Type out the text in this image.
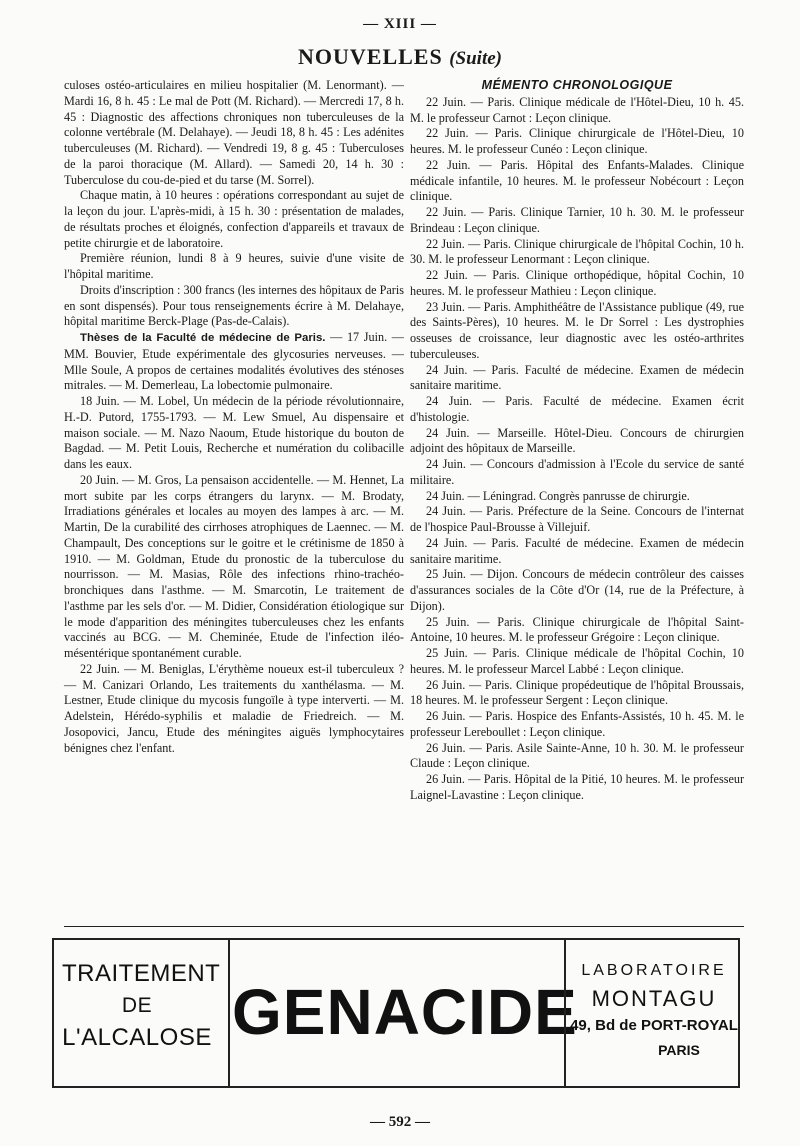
— XIII —
NOUVELLES (Suite)

culoses ostéo-articulaires en milieu hospitalier (M. Lenormant). — Mardi 16, 8 h. 45 : Le mal de Pott (M. Richard). — Mercredi 17, 8 h. 45 : Diagnostic des affections chroniques non tuberculeuses de la colonne vertébrale (M. Delahaye). — Jeudi 18, 8 h. 45 : Les adénites tuberculeuses (M. Richard). — Vendredi 19, 8 g. 45 : Tuberculoses de la paroi thoracique (M. Allard). — Samedi 20, 14 h. 30 : Tuberculose du cou-de-pied et du tarse (M. Sorrel).

Chaque matin, à 10 heures : opérations correspondant au sujet de la leçon du jour. L'après-midi, à 15 h. 30 : présentation de malades, de résultats proches et éloignés, confection d'appareils et travaux de petite chirurgie et de laboratoire.

Première réunion, lundi 8 à 9 heures, suivie d'une visite de l'hôpital maritime.

Droits d'inscription : 300 francs (les internes des hôpitaux de Paris en sont dispensés). Pour tous renseignements écrire à M. Delahaye, hôpital maritime Berck-Plage (Pas-de-Calais).

Thèses de la Faculté de médecine de Paris. — 17 Juin. — MM. Bouvier, Etude expérimentale des glycosuries nerveuses. — Mlle Soule, A propos de certaines modalités évolutives des sténoses mitrales. — M. Demerleau, La lobectomie pulmonaire.

18 Juin. — M. Lobel, Un médecin de la période révolutionnaire, H.-D. Putord, 1755-1793. — M. Lew Smuel, Au dispensaire et maison sociale. — M. Nazo Naoum, Etude historique du bouton de Bagdad. — M. Petit Louis, Recherche et numération du colibacille dans les eaux.

20 Juin. — M. Gros, La pensaison accidentelle. — M. Hennet, La mort subite par les corps étrangers du larynx. — M. Brodaty, Irradiations générales et locales au moyen des lampes à arc. — M. Martin, De la curabilité des cirrhoses atrophiques de Laennec. — M. Champault, Des conceptions sur le goitre et le crétinisme de 1850 à 1910. — M. Goldman, Etude du pronostic de la tuberculose du nourrisson. — M. Masias, Rôle des infections rhino-trachéo-bronchiques dans l'asthme. — M. Smarcotin, Le traitement de l'asthme par les sels d'or. — M. Didier, Considération étiologique sur le mode d'apparition des méningites tuberculeuses chez les enfants vaccinés au BCG. — M. Cheminée, Etude de l'infection iléo-mésentérique spontanément curable.

22 Juin. — M. Beniglas, L'érythème noueux est-il tuberculeux ? — M. Canizari Orlando, Les traitements du xanthélasma. — M. Lestner, Etude clinique du mycosis fungoïle à type interverti. — M. Adelstein, Hérédo-syphilis et maladie de Friedreich. — M. Josopovici, Jancu, Etude des méningites aiguës lymphocytaires bénignes chez l'enfant.

MÉMENTO CHRONOLOGIQUE

22 Juin. — Paris. Clinique médicale de l'Hôtel-Dieu, 10 h. 45. M. le professeur Carnot : Leçon clinique.

22 Juin. — Paris. Clinique chirurgicale de l'Hôtel-Dieu, 10 heures. M. le professeur Cunéo : Leçon clinique.

22 Juin. — Paris. Hôpital des Enfants-Malades. Clinique médicale infantile, 10 heures. M. le professeur Nobécourt : Leçon clinique.

22 Juin. — Paris. Clinique Tarnier, 10 h. 30. M. le professeur Brindeau : Leçon clinique.

22 Juin. — Paris. Clinique chirurgicale de l'hôpital Cochin, 10 h. 30. M. le professeur Lenormant : Leçon clinique.

22 Juin. — Paris. Clinique orthopédique, hôpital Cochin, 10 heures. M. le professeur Mathieu : Leçon clinique.

23 Juin. — Paris. Amphithéâtre de l'Assistance publique (49, rue des Saints-Pères), 10 heures. M. le Dr Sorrel : Les dystrophies osseuses de croissance, leur diagnostic avec les ostéo-arthrites tuberculeuses.

24 Juin. — Paris. Faculté de médecine. Examen de médecin sanitaire maritime.

24 Juin. — Paris. Faculté de médecine. Examen écrit d'histologie.

24 Juin. — Marseille. Hôtel-Dieu. Concours de chirurgien adjoint des hôpitaux de Marseille.

24 Juin. — Concours d'admission à l'Ecole du service de santé militaire.

24 Juin. — Léningrad. Congrès panrusse de chirurgie.

24 Juin. — Paris. Préfecture de la Seine. Concours de l'internat de l'hospice Paul-Brousse à Villejuif.

24 Juin. — Paris. Faculté de médecine. Examen de médecin sanitaire maritime.

25 Juin. — Dijon. Concours de médecin contrôleur des caisses d'assurances sociales de la Côte d'Or (14, rue de la Préfecture, à Dijon).

25 Juin. — Paris. Clinique chirurgicale de l'hôpital Saint-Antoine, 10 heures. M. le professeur Grégoire : Leçon clinique.

25 Juin. — Paris. Clinique médicale de l'hôpital Cochin, 10 heures. M. le professeur Marcel Labbé : Leçon clinique.

26 Juin. — Paris. Clinique propédeutique de l'hôpital Broussais, 18 heures. M. le professeur Sergent : Leçon clinique.

26 Juin. — Paris. Hospice des Enfants-Assistés, 10 h. 45. M. le professeur Lereboullet : Leçon clinique.

26 Juin. — Paris. Asile Sainte-Anne, 10 h. 30. M. le professeur Claude : Leçon clinique.

26 Juin. — Paris. Hôpital de la Pitié, 10 heures. M. le professeur Laignel-Lavastine : Leçon clinique.

TRAITEMENT
DE
L'ALCALOSE GENACIDE
LABORATOIRE
MONTAGU
49, Bd de PORT-ROYAL
PARIS
— 592 —
